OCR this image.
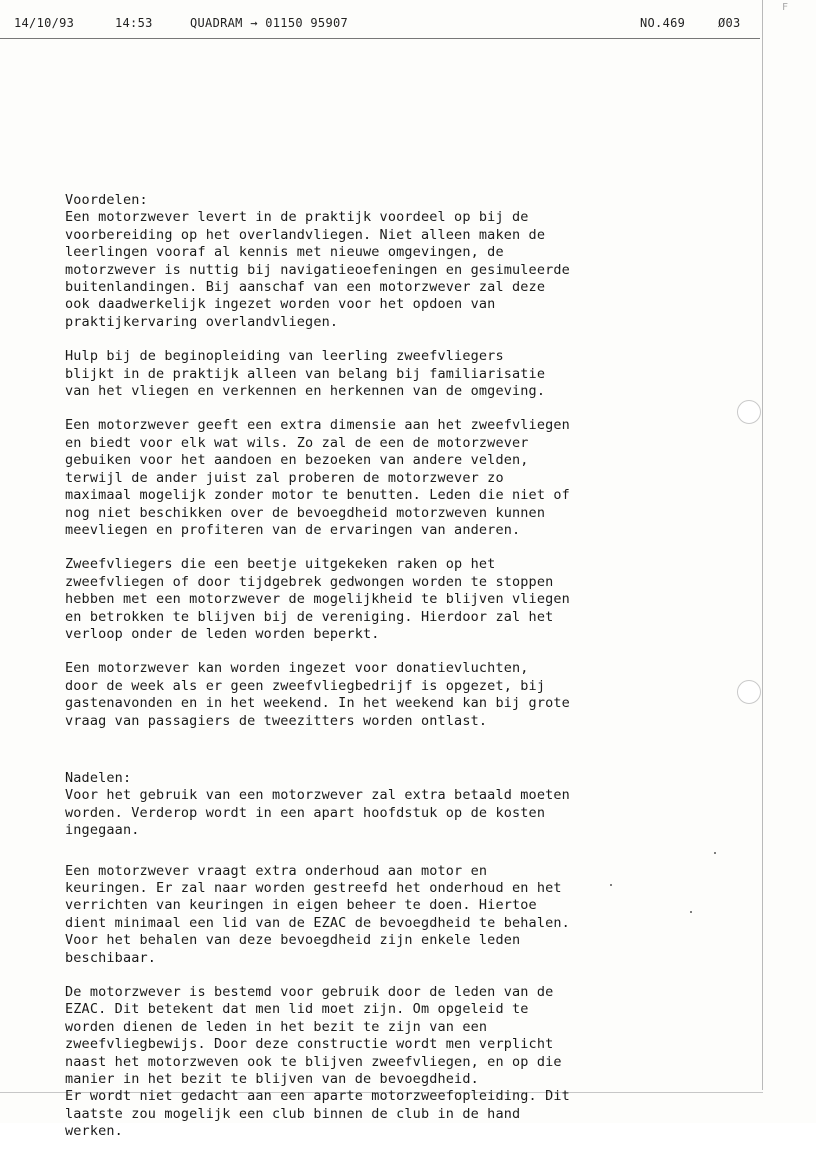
14/10/93	14:53	QUADRAM → 01150 95907	NO.469	Ø03
F
Voordelen:
Een motorzwever levert in de praktijk voordeel op bij de
voorbereiding op het overlandvliegen. Niet alleen maken de
leerlingen vooraf al kennis met nieuwe omgevingen, de
motorzwever is nuttig bij navigatieoefeningen en gesimuleerde
buitenlandingen. Bij aanschaf van een motorzwever zal deze
ook daadwerkelijk ingezet worden voor het opdoen van
praktijkervaring overlandvliegen.
Hulp bij de beginopleiding van leerling zweefvliegers
blijkt in de praktijk alleen van belang bij familiarisatie
van het vliegen en verkennen en herkennen van de omgeving.
Een motorzwever geeft een extra dimensie aan het zweefvliegen
en biedt voor elk wat wils. Zo zal de een de motorzwever
gebuiken voor het aandoen en bezoeken van andere velden,
terwijl de ander juist zal proberen de motorzwever zo
maximaal mogelijk zonder motor te benutten. Leden die niet of
nog niet beschikken over de bevoegdheid motorzweven kunnen
meevliegen en profiteren van de ervaringen van anderen.
Zweefvliegers die een beetje uitgekeken raken op het
zweefvliegen of door tijdgebrek gedwongen worden te stoppen
hebben met een motorzwever de mogelijkheid te blijven vliegen
en betrokken te blijven bij de vereniging. Hierdoor zal het
verloop onder de leden worden beperkt.
Een motorzwever kan worden ingezet voor donatievluchten,
door de week als er geen zweefvliegbedrijf is opgezet, bij
gastenavonden en in het weekend. In het weekend kan bij grote
vraag van passagiers de tweezitters worden ontlast.
Nadelen:
Voor het gebruik van een motorzwever zal extra betaald moeten
worden. Verderop wordt in een apart hoofdstuk op de kosten
ingegaan.
Een motorzwever vraagt extra onderhoud aan motor en
keuringen. Er zal naar worden gestreefd het onderhoud en het
verrichten van keuringen in eigen beheer te doen. Hiertoe
dient minimaal een lid van de EZAC de bevoegdheid te behalen.
Voor het behalen van deze bevoegdheid zijn enkele leden
beschibaar.
De motorzwever is bestemd voor gebruik door de leden van de
EZAC. Dit betekent dat men lid moet zijn. Om opgeleid te
worden dienen de leden in het bezit te zijn van een
zweefvliegbewijs. Door deze constructie wordt men verplicht
naast het motorzweven ook te blijven zweefvliegen, en op die
manier in het bezit te blijven van de bevoegdheid.
Er wordt niet gedacht aan een aparte motorzweefopleiding. Dit
laatste zou mogelijk een club binnen de club in de hand
werken.
